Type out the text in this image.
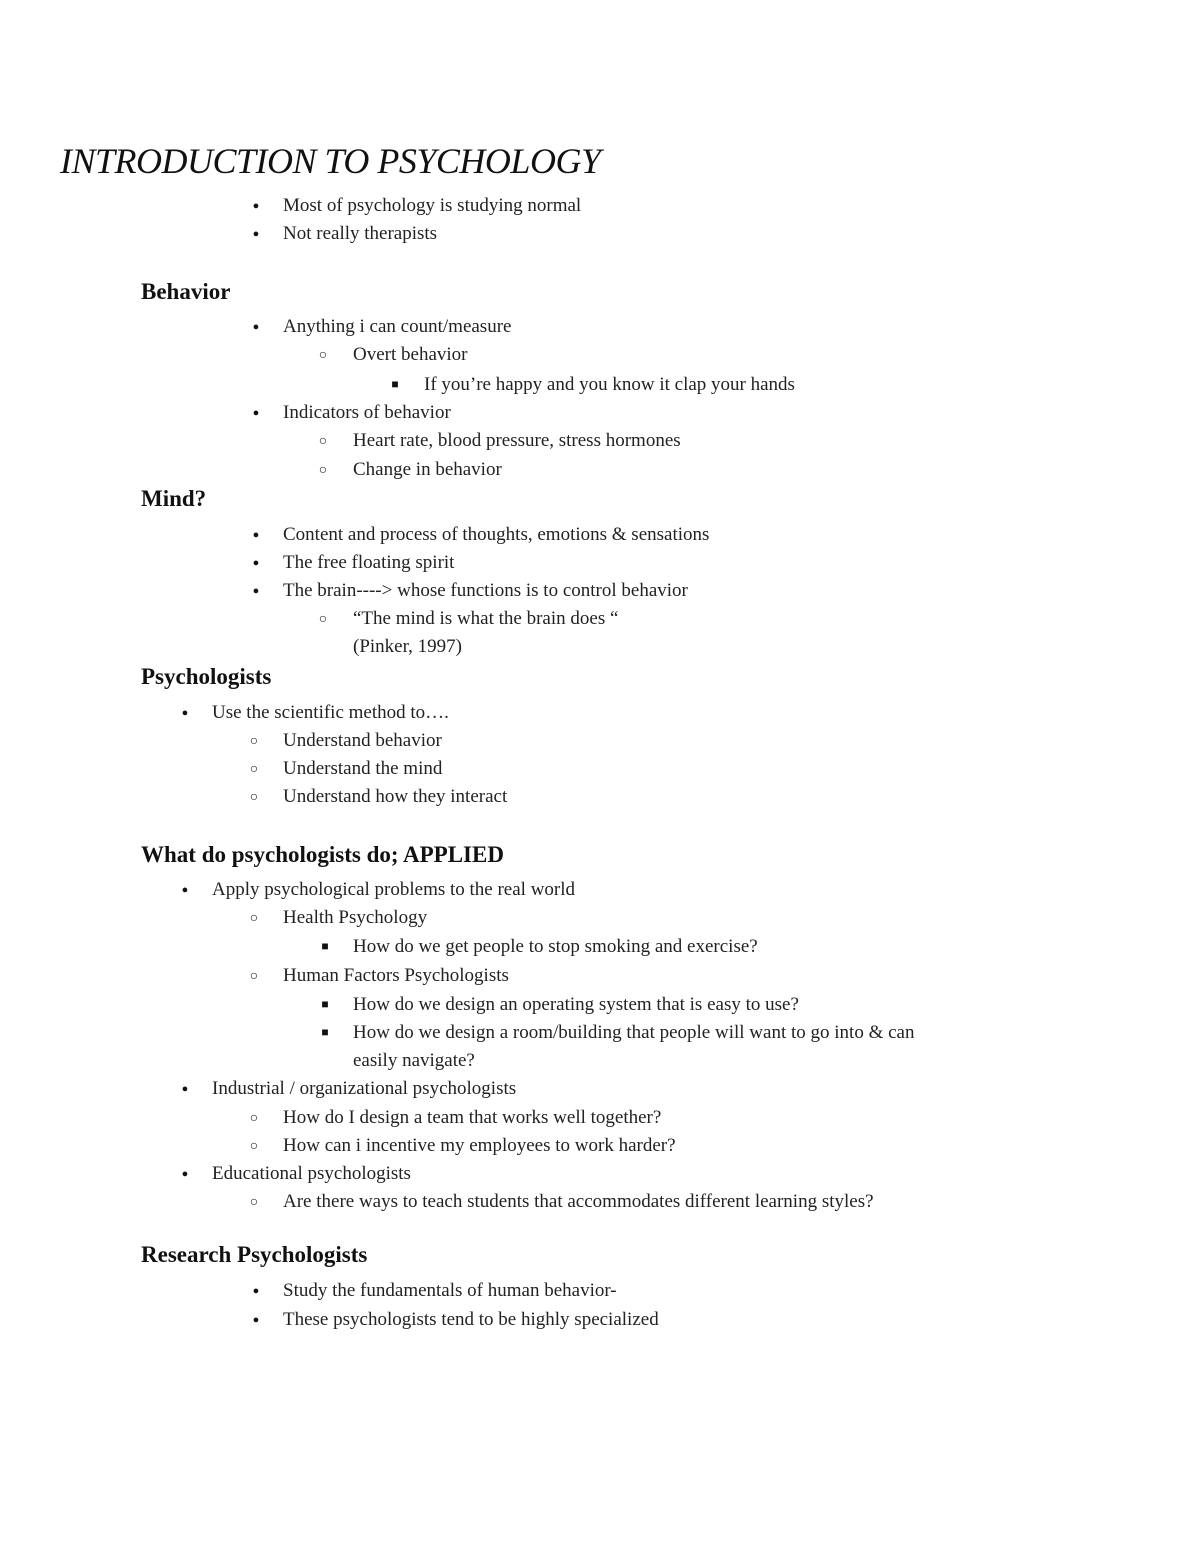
INTRODUCTION TO PSYCHOLOGY
●
Most of psychology is studying normal
●
Not really therapists
Behavior
●
Anything i can count/measure
○
Overt behavior
■
If you’re happy and you know it clap your hands
●
Indicators of behavior
○
Heart rate, blood pressure, stress hormones
○
Change in behavior
Mind?
●
Content and process of thoughts, emotions & sensations
●
The free floating spirit
●
The brain----> whose functions is to control behavior
○
“The mind is what the brain does “
(Pinker, 1997)
Psychologists
●
Use the scientific method to….
○
Understand behavior
○
Understand the mind
○
Understand how they interact
What do psychologists do; APPLIED
●
Apply psychological problems to the real world
○
Health Psychology
■
How do we get people to stop smoking and exercise?
○
Human Factors Psychologists
■
How do we design an operating system that is easy to use?
■
How do we design a room/building that people will want to go into & can
easily navigate?
●
Industrial / organizational psychologists
○
How do I design a team that works well together?
○
How can i incentive my employees to work harder?
●
Educational psychologists
○
Are there ways to teach students that accommodates different learning styles?
Research Psychologists
●
Study the fundamentals of human behavior-
●
These psychologists tend to be highly specialized
